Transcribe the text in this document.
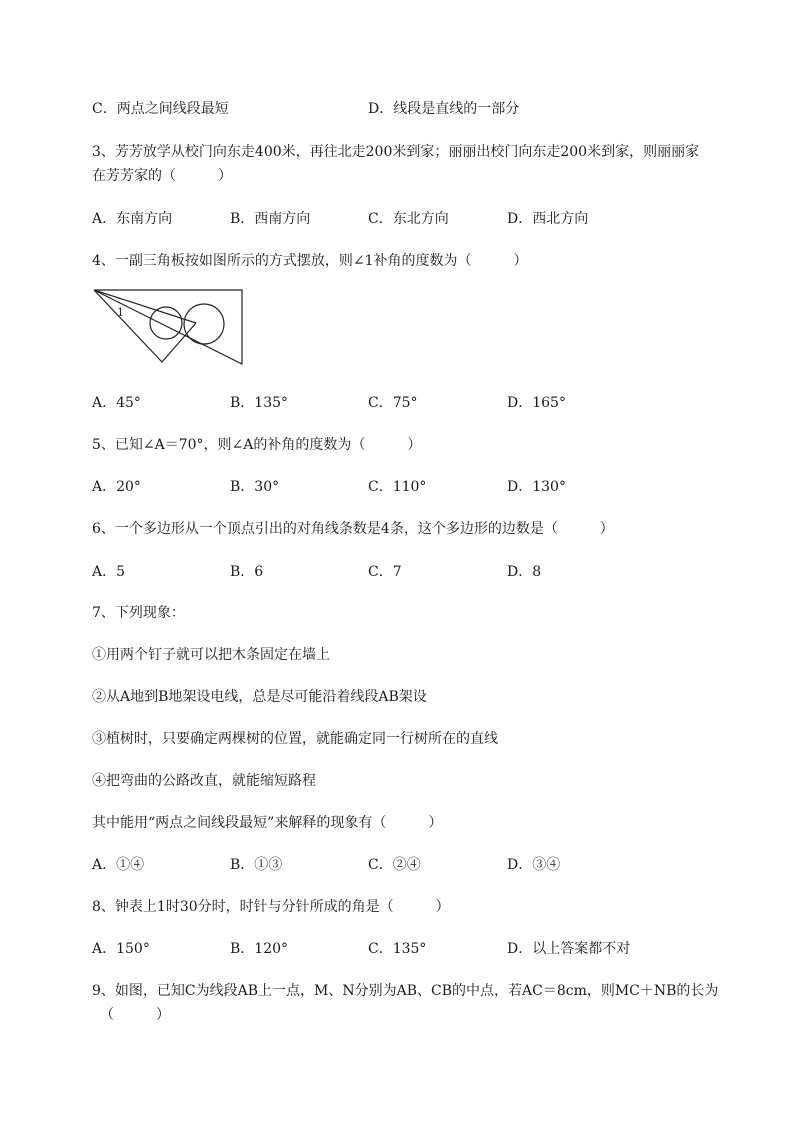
C．两点之间线段最短	D．线段是直线的一部分
3、芳芳放学从校门向东走400米，再往北走200米到家；丽丽出校门向东走200米到家，则丽丽家
在芳芳家的（　　　）
A．东南方向	B．西南方向	C．东北方向	D．西北方向
4、一副三角板按如图所示的方式摆放，则∠1补角的度数为（　　　）
1
A．45°	B．135°	C．75°	D．165°
5、已知∠A＝70°，则∠A的补角的度数为（　　　）
A．20°	B．30°	C．110°	D．130°
6、一个多边形从一个顶点引出的对角线条数是4条，这个多边形的边数是（　　　）
A．5	B．6	C．7	D．8
7、下列现象：
①用两个钉子就可以把木条固定在墙上
②从A地到B地架设电线，总是尽可能沿着线段AB架设
③植树时，只要确定两棵树的位置，就能确定同一行树所在的直线
④把弯曲的公路改直，就能缩短路程
其中能用“两点之间线段最短”来解释的现象有（　　　）
A．①④	B．①③	C．②④	D．③④
8、钟表上1时30分时，时针与分针所成的角是（　　　）
A．150°	B．120°	C．135°	D．以上答案都不对
9、如图，已知C为线段AB上一点，M、N分别为AB、CB的中点，若AC＝8cm，则MC＋NB的长为
（　　　）
